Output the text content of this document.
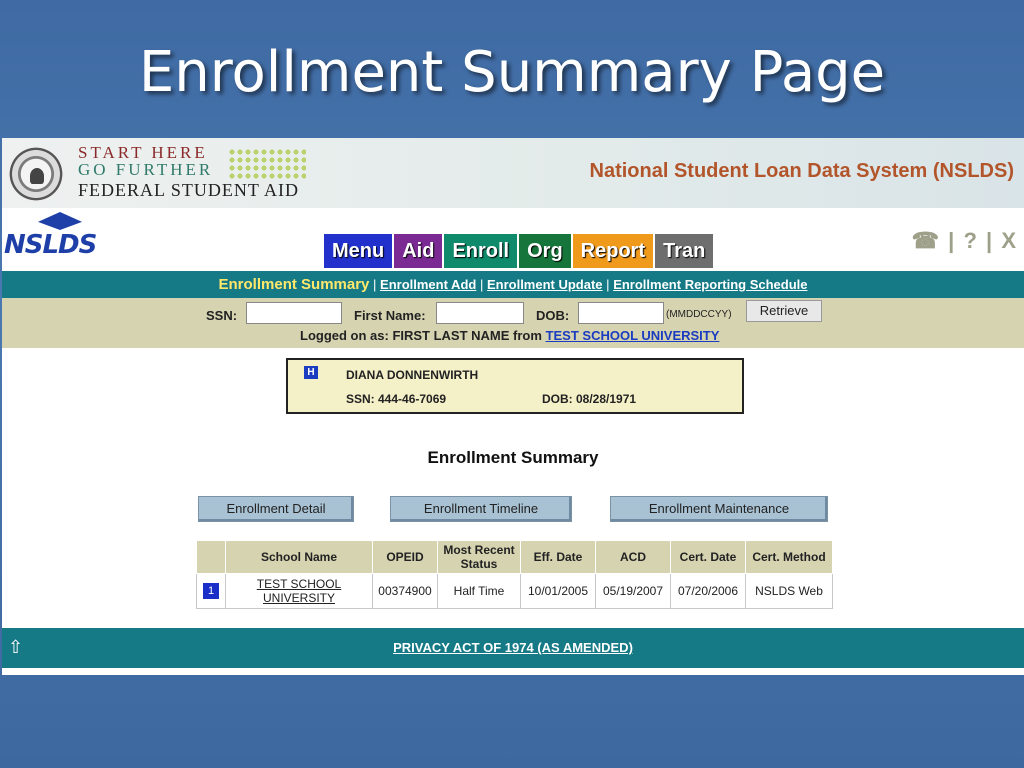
Enrollment Summary Page
START HERE
GO FURTHER
FEDERAL STUDENT AID
National Student Loan Data System (NSLDS)
NSLDS	Menu Aid Enroll Org Report Tran	☎ | ? | X
Enrollment Summary | Enrollment Add | Enrollment Update | Enrollment Reporting Schedule
SSN:	First Name:	DOB:	(MMDDCCYY)	Retrieve
Logged on as: FIRST LAST NAME from TEST SCHOOL UNIVERSITY
H	DIANA DONNENWIRTH
SSN: 444-46-7069	DOB: 08/28/1971
Enrollment Summary
Enrollment Detail	Enrollment Timeline	Enrollment Maintenance
	School Name	OPEID	Most Recent Status	Eff. Date	ACD	Cert. Date	Cert. Method
1	TEST SCHOOL UNIVERSITY	00374900	Half Time	10/01/2005	05/19/2007	07/20/2006	NSLDS Web
⇧	PRIVACY ACT OF 1974 (AS AMENDED)
